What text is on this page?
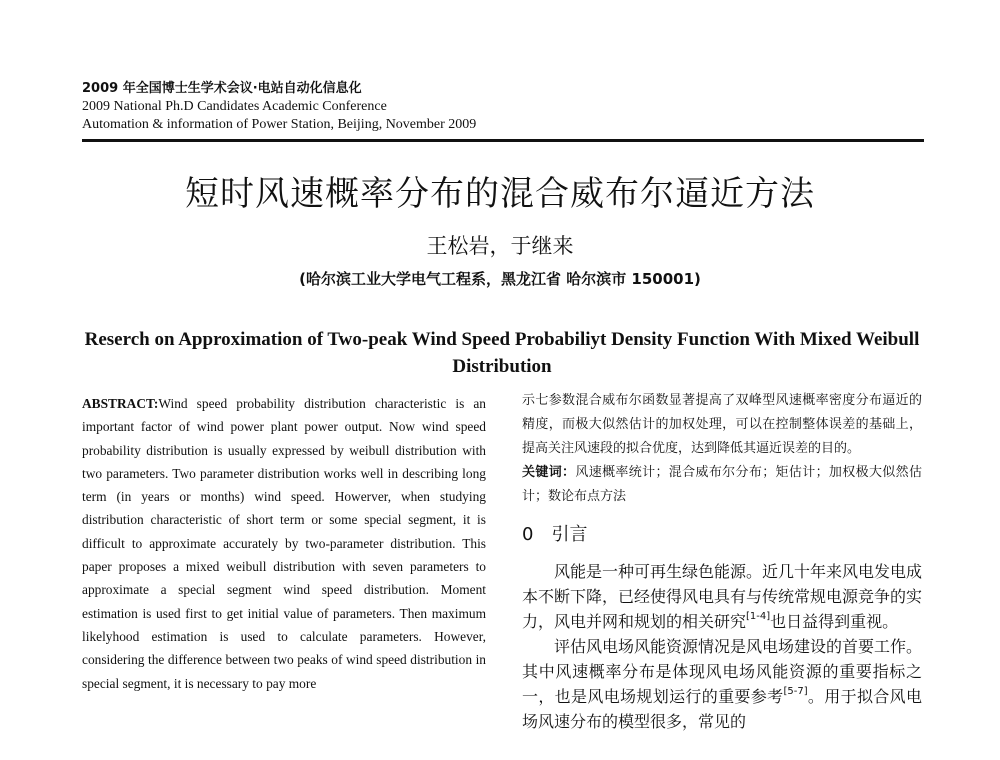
2009 年全国博士生学术会议·电站自动化信息化
2009 National Ph.D Candidates Academic Conference
Automation & information of Power Station, Beijing, November 2009
短时风速概率分布的混合威布尔逼近方法
王松岩，于继来
(哈尔滨工业大学电气工程系，黑龙江省 哈尔滨市 150001)
Reserch on Approximation of Two-peak Wind Speed Probabiliyt Density Function With Mixed Weibull Distribution
ABSTRACT:Wind speed probability distribution characteristic is an important factor of wind power plant power output. Now wind speed probability distribution is usually expressed by weibull distribution with two parameters. Two parameter distribution works well in describing long term (in years or months) wind speed. Howerver, when studying distribution characteristic of short term or some special segment, it is difficult to approximate accurately by two-parameter distribution. This paper proposes a mixed weibull distribution with seven parameters to approximate a special segment wind speed distribution. Moment estimation is used first to get initial value of parameters. Then maximum likelyhood estimation is used to calculate parameters. However, considering the difference between two peaks of wind speed distribution in special segment, it is necessary to pay more
示七参数混合威布尔函数显著提高了双峰型风速概率密度分布逼近的精度，而极大似然估计的加权处理，可以在控制整体误差的基础上，提高关注风速段的拟合优度，达到降低其逼近误差的目的。
关键词：风速概率统计；混合威布尔分布；矩估计；加权极大似然估计；数论布点方法
0 引言

风能是一种可再生绿色能源。近几十年来风电发电成本不断下降，已经使得风电具有与传统常规电源竞争的实力，风电并网和规划的相关研究[1-4]也日益得到重视。

评估风电场风能资源情况是风电场建设的首要工作。其中风速概率分布是体现风电场风能资源的重要指标之一，也是风电场规划运行的重要参考[5-7]。用于拟合风电场风速分布的模型很多，常见的
